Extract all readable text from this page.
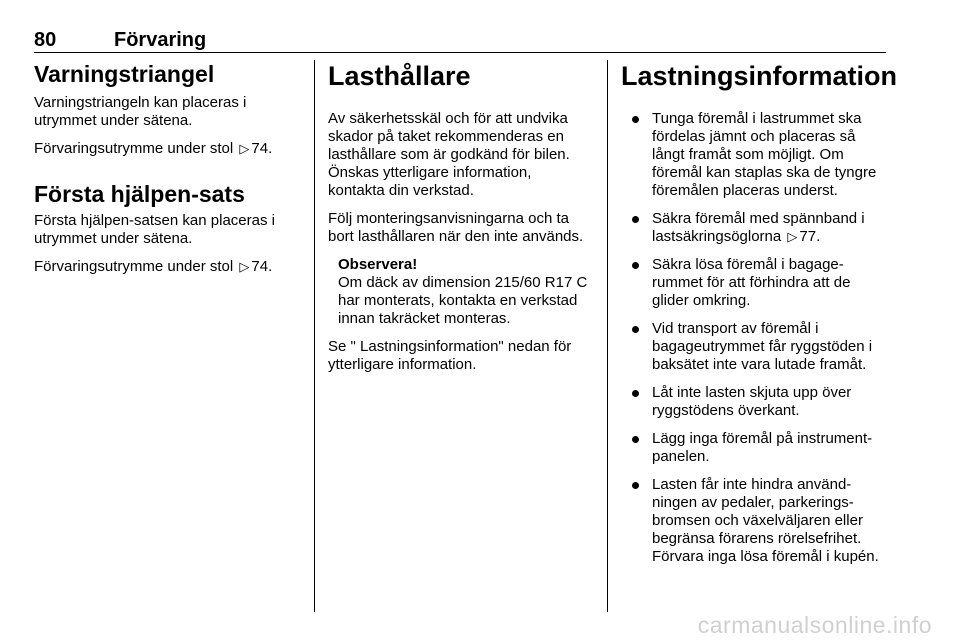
80	Förvaring
Varningstriangel

Varningstriangeln kan placeras i utrymmet under sätena.

Förvaringsutrymme under stol ▷ 74.

Första hjälpen-sats

Första hjälpen-satsen kan placeras i utrymmet under sätena.

Förvaringsutrymme under stol ▷ 74.

Lasthållare

Av säkerhetsskäl och för att undvika skador på taket rekommenderas en lasthållare som är godkänd för bilen. Önskas ytterligare information, kontakta din verkstad.

Följ monteringsanvisningarna och ta bort lasthållaren när den inte används.

Observera!

Om däck av dimension 215/60 R17 C har monterats, kontakta en verkstad innan takräcket monteras.

Se " Lastningsinformation" nedan för ytterligare information.

Lastningsinformation
Tunga föremål i lastrummet ska fördelas jämnt och placeras så långt framåt som möjligt. Om föremål kan staplas ska de tyngre föremålen placeras underst.
Säkra föremål med spännband i lastsäkringsöglorna ▷ 77.
Säkra lösa föremål i bagage-rummet för att förhindra att de glider omkring.
Vid transport av föremål i bagageutrymmet får ryggstöden i baksätet inte vara lutade framåt.
Låt inte lasten skjuta upp över ryggstödens överkant.
Lägg inga föremål på instrument-panelen.
Lasten får inte hindra använd-ningen av pedaler, parkerings-bromsen och växelväljaren eller begränsa förarens rörelsefrihet. Förvara inga lösa föremål i kupén.
carmanualsonline.info
